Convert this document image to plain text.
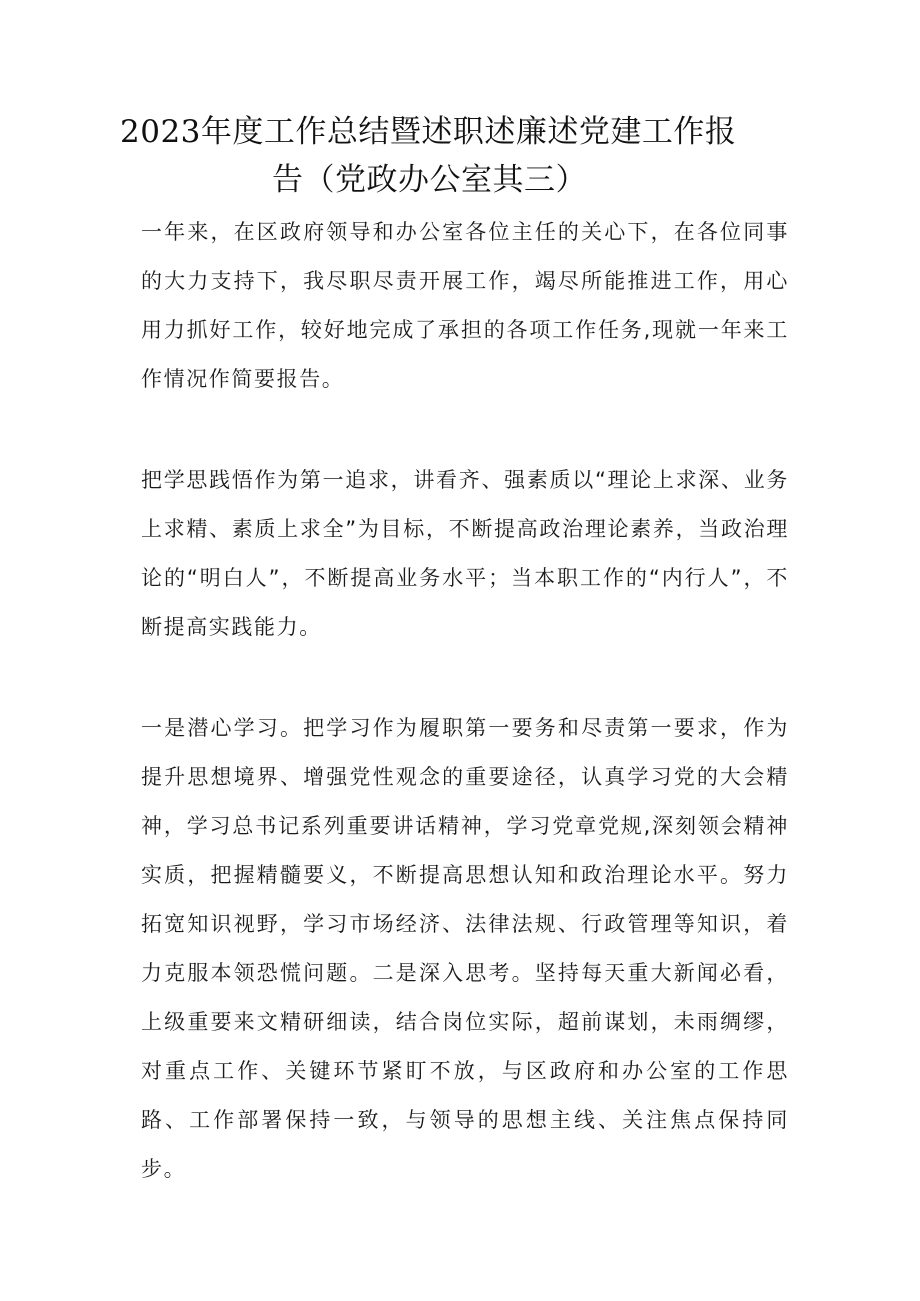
2023年度工作总结暨述职述廉述党建工作报
告（党政办公室其三）

一年来，在区政府领导和办公室各位主任的关心下，在各位同事的大力支持下，我尽职尽责开展工作，竭尽所能推进工作，用心用力抓好工作，较好地完成了承担的各项工作任务,现就一年来工作情况作简要报告。

把学思践悟作为第一追求，讲看齐、强素质以“理论上求深、业务上求精、素质上求全”为目标，不断提高政治理论素养，当政治理论的“明白人”，不断提高业务水平；当本职工作的“内行人”，不断提高实践能力。

一是潜心学习。把学习作为履职第一要务和尽责第一要求，作为提升思想境界、增强党性观念的重要途径，认真学习党的大会精神，学习总书记系列重要讲话精神，学习党章党规,深刻领会精神实质，把握精髓要义，不断提高思想认知和政治理论水平。努力拓宽知识视野，学习市场经济、法律法规、行政管理等知识，着力克服本领恐慌问题。二是深入思考。坚持每天重大新闻必看，上级重要来文精研细读，结合岗位实际，超前谋划，未雨绸缪，对重点工作、关键环节紧盯不放，与区政府和办公室的工作思路、工作部署保持一致，与领导的思想主线、关注焦点保持同步。
